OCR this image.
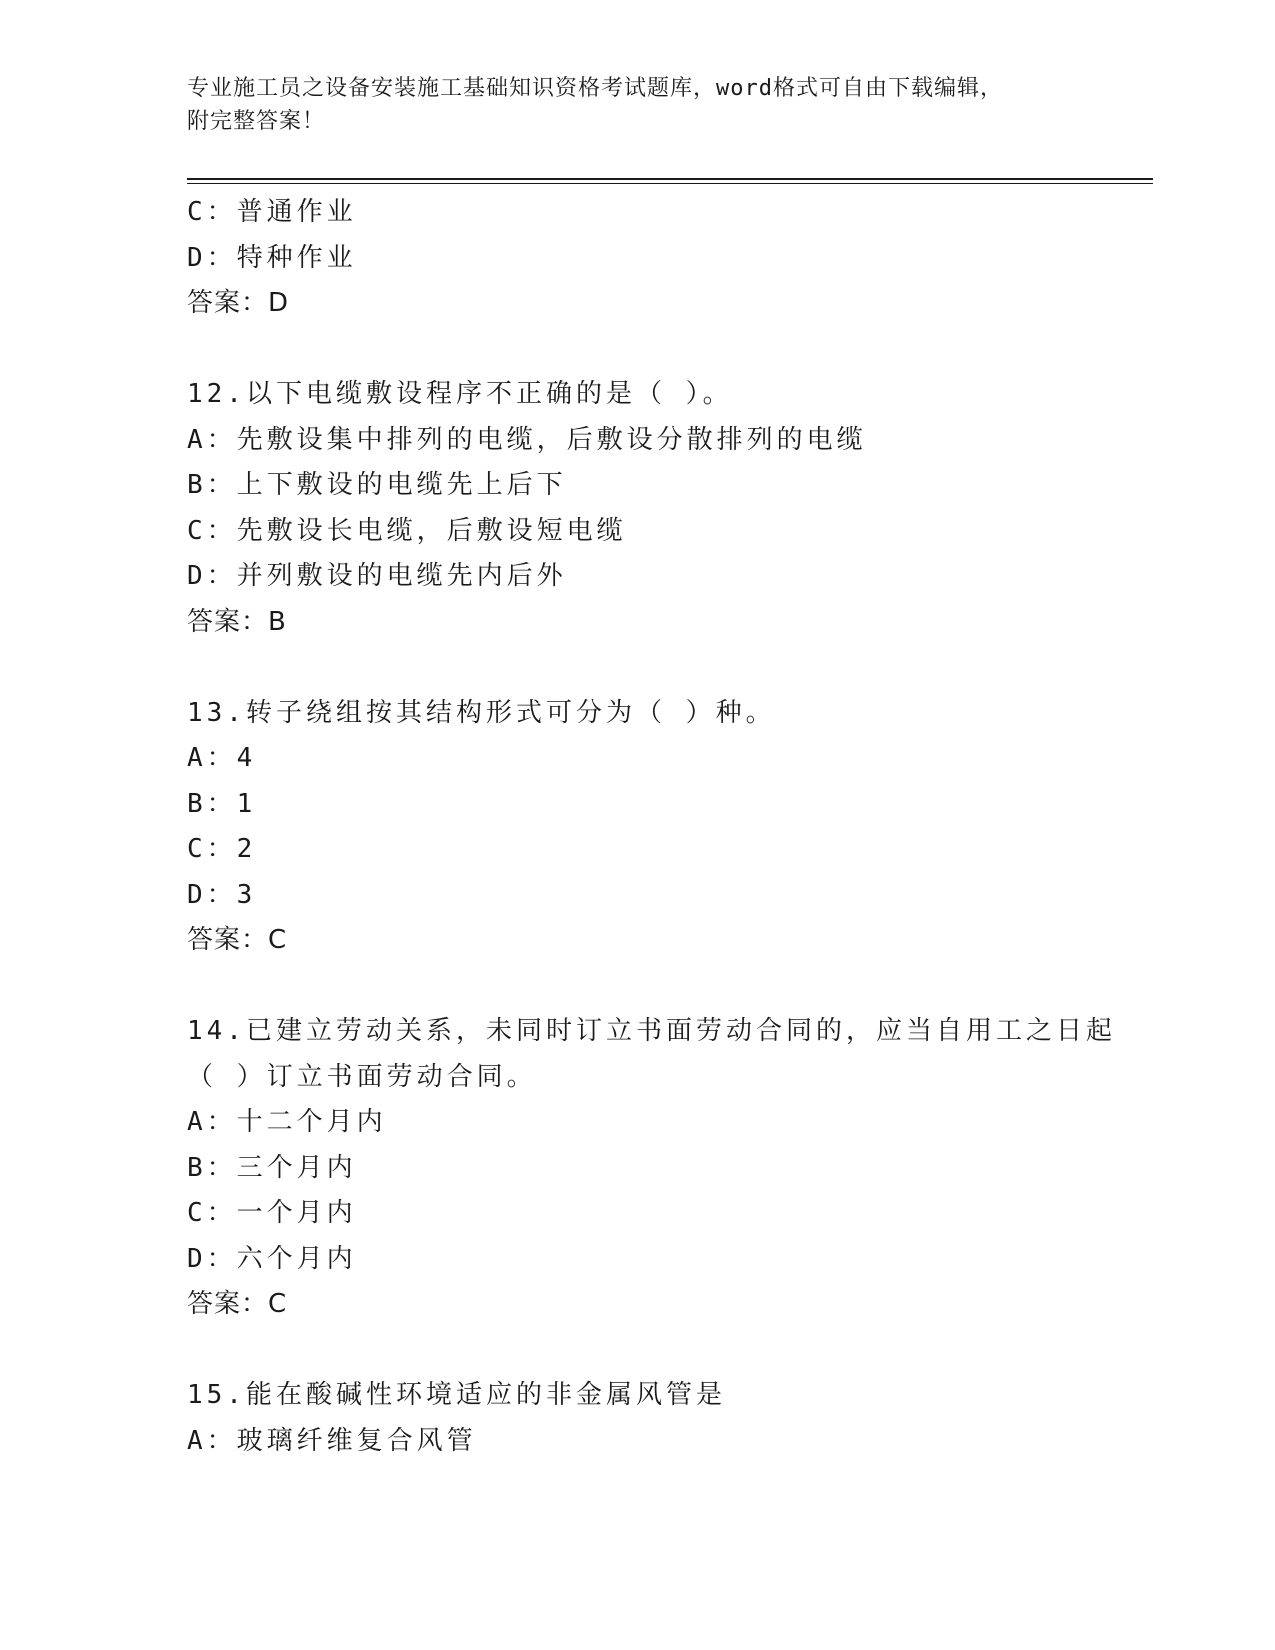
专业施工员之设备安装施工基础知识资格考试题库，word格式可自由下载编辑，
附完整答案！
C：普通作业
D：特种作业
答案：D
12.以下电缆敷设程序不正确的是（ ）。
A：先敷设集中排列的电缆，后敷设分散排列的电缆
B：上下敷设的电缆先上后下
C：先敷设长电缆，后敷设短电缆
D：并列敷设的电缆先内后外
答案：B
13.转子绕组按其结构形式可分为（ ）种。
A：4
B：1
C：2
D：3
答案：C
14.已建立劳动关系，未同时订立书面劳动合同的，应当自用工之日起
（ ）订立书面劳动合同。
A：十二个月内
B：三个月内
C：一个月内
D：六个月内
答案：C
15.能在酸碱性环境适应的非金属风管是
A：玻璃纤维复合风管
